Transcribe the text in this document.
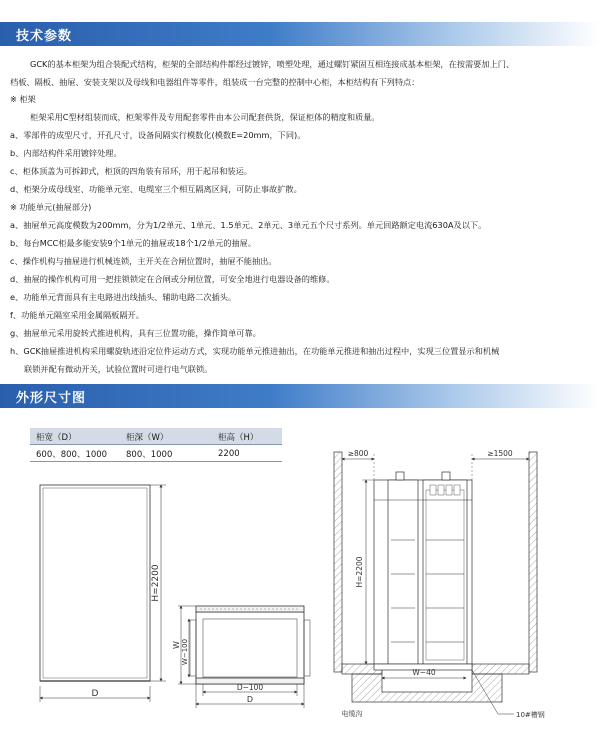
技术参数
GCK的基本柜架为组合装配式结构，柜架的全部结构件都经过镀锌，喷塑处理，通过螺钉紧固互相连接成基本柜架，在按需要加上门、
档板、隔板、抽屉、安装支架以及母线和电器组件等零件，组装成一台完整的控制中心柜，本柜结构有下列特点：
※ 柜架
柜架采用C型材组装而成，柜架零件及专用配套零件由本公司配套供货，保证柜体的精度和质量。
a、零部件的成型尺寸，开孔尺寸，设备间隔实行模数化(模数E=20mm，下同)。
b、内部结构件采用镀锌处理。
c、柜体顶盖为可拆卸式，柜顶的四角装有吊环，用于起吊和装运。
d、柜架分成母线室、功能单元室、电缆室三个相互隔离区间，可防止事故扩散。
※ 功能单元(抽屉部分)
a、抽屉单元高度模数为200mm，分为1/2单元、1单元、1.5单元、2单元、3单元五个尺寸系列。单元回路额定电流630A及以下。
b、每台MCC柜最多能安装9个1单元的抽屉或18个1/2单元的抽屉。
c、操作机构与抽屉进行机械连锁，主开关在合闸位置时，抽屉不能抽出。
d、抽屉的操作机构可用一把挂锁锁定在合闸或分闸位置，可安全地进行电器设备的维修。
e、功能单元背面具有主电路进出线插头、辅助电路二次插头。
f、功能单元隔室采用金属隔板隔开。
g、抽屉单元采用旋转式推进机构，具有三位置功能，操作简单可靠。
h、GCK抽屉推进机构采用螺旋轨迹沿定位件运动方式，实现功能单元推进抽出，在功能单元推进和抽出过程中，实现三位置显示和机械
联锁并配有微动开关，试验位置时可进行电气联锁。
外形尺寸图
柜宽（D）	柜深（W）	柜高（H）
600、800、1000	800、1000	2200
D
H=2200
W W−100
D−100
D
≥800	≥1500
H=2200
W−40
电缆沟	10#槽钢
